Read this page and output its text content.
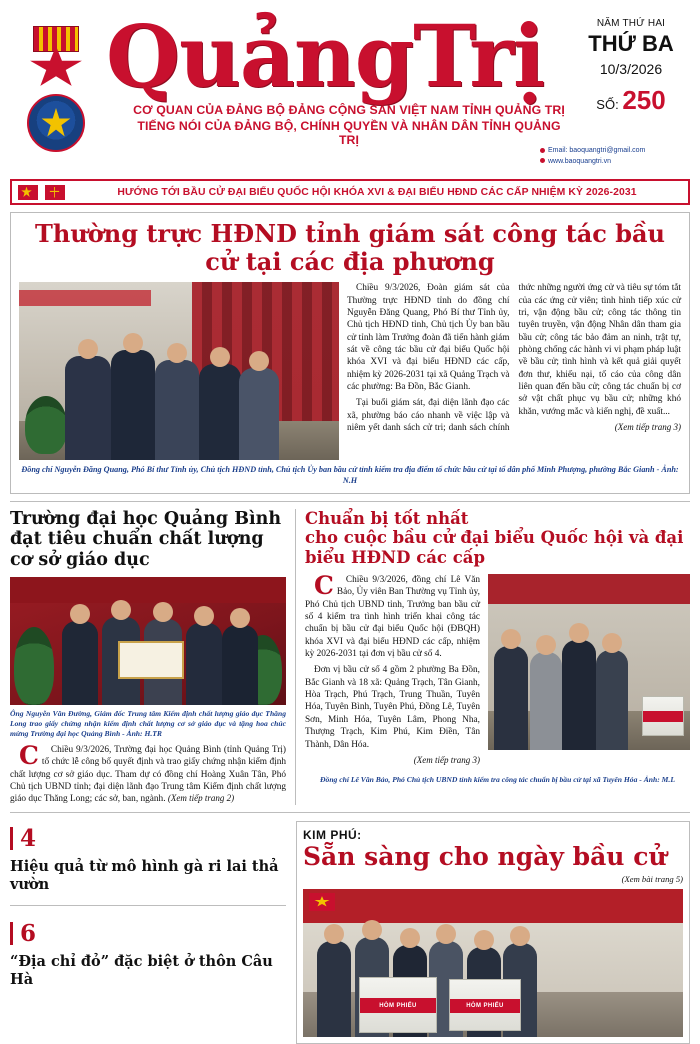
QuảngTrị
CƠ QUAN CỦA ĐẢNG BỘ ĐẢNG CỘNG SẢN VIỆT NAM TỈNH QUẢNG TRỊ
TIẾNG NÓI CỦA ĐẢNG BỘ, CHÍNH QUYỀN VÀ NHÂN DÂN TỈNH QUẢNG TRỊ
NĂM THỨ HAI
THỨ BA
10/3/2026
SỐ: 250
Email: baoquangtri@gmail.com
www.baoquangtri.vn
HƯỚNG TỚI BẦU CỬ ĐẠI BIỂU QUỐC HỘI KHÓA XVI & ĐẠI BIỂU HĐND CÁC CẤP NHIỆM KỲ 2026-2031
Thường trực HĐND tỉnh giám sát công tác bầu cử tại các địa phương

Chiều 9/3/2026, Đoàn giám sát của Thường trực HĐND tỉnh do đồng chí Nguyễn Đăng Quang, Phó Bí thư Tỉnh ủy, Chủ tịch HĐND tỉnh, Chủ tịch Ủy ban bầu cử tỉnh làm Trưởng đoàn đã tiến hành giám sát về công tác bầu cử đại biểu Quốc hội khóa XVI và đại biểu HĐND các cấp, nhiệm kỳ 2026-2031 tại xã Quảng Trạch và các phường: Ba Đồn, Bắc Gianh.

Tại buổi giám sát, đại diện lãnh đạo các xã, phường báo cáo nhanh về việc lập và niêm yết danh sách cử tri; danh sách chính thức những người ứng cử và tiêu sự tóm tắt của các ứng cử viên; tình hình tiếp xúc cử tri, vận động bầu cử; công tác thông tin tuyên truyền, vận động Nhân dân tham gia bầu cử; công tác bảo đảm an ninh, trật tự, phòng chống các hành vi vi phạm pháp luật về bầu cử; tình hình và kết quả giải quyết đơn thư, khiếu nại, tố cáo của công dân liên quan đến bầu cử; công tác chuẩn bị cơ sở vật chất phục vụ bầu cử; những khó khăn, vướng mắc và kiến nghị, đề xuất...

(Xem tiếp trang 3)

Đồng chí Nguyễn Đăng Quang, Phó Bí thư Tỉnh ủy, Chủ tịch HĐND tỉnh, Chủ tịch Ủy ban bầu cử tỉnh kiểm tra địa điểm tổ chức bầu cử tại tổ dân phố Minh Phượng, phường Bắc Gianh - Ảnh: N.H
Trường đại học Quảng Bình
đạt tiêu chuẩn chất lượng cơ sở giáo dục
Ông Nguyễn Văn Đường, Giám đốc Trung tâm Kiểm định chất lượng giáo dục Thăng Long trao giấy chứng nhận kiểm định chất lượng cơ sở giáo dục và tặng hoa chúc mừng Trường đại học Quảng Bình - Ảnh: H.TR

C	Chiều 9/3/2026, Trường đại học Quảng Bình (tỉnh Quảng Trị) tổ chức lễ công bố quyết định và trao giấy chứng nhận kiểm định chất lượng cơ sở giáo dục. Tham dự có đồng chí Hoàng Xuân Tân, Phó Chủ tịch UBND tỉnh; đại diện lãnh đạo Trung tâm Kiểm định chất lượng giáo dục Thăng Long; các sở, ban, ngành. (Xem tiếp trang 2)

Chuẩn bị tốt nhất
cho cuộc bầu cử đại biểu Quốc hội và đại biểu HĐND các cấp

C	Chiều 9/3/2026, đồng chí Lê Văn Bảo, Ủy viên Ban Thường vụ Tỉnh ủy, Phó Chủ tịch UBND tỉnh, Trưởng ban bầu cử số 4 kiểm tra tình hình triển khai công tác chuẩn bị bầu cử đại biểu Quốc hội (ĐBQH) khóa XVI và đại biểu HĐND các cấp, nhiệm kỳ 2026-2031 tại đơn vị bầu cử số 4.

Đơn vị bầu cử số 4 gồm 2 phường Ba Đồn, Bắc Gianh và 18 xã: Quảng Trạch, Tân Gianh, Hòa Trạch, Phú Trạch, Trung Thuần, Tuyên Hóa, Tuyên Bình, Tuyên Phú, Đồng Lê, Tuyên Sơn, Minh Hóa, Tuyên Lâm, Phong Nha, Thượng Trạch, Kim Phú, Kim Điền, Tân Thành, Dân Hóa.

(Xem tiếp trang 3)

Đồng chí Lê Văn Bảo, Phó Chủ tịch UBND tỉnh kiểm tra công tác chuẩn bị bầu cử tại xã Tuyên Hóa - Ảnh: M.L
4
Hiệu quả từ mô hình gà ri lai thả vườn
6
“Địa chỉ đỏ” đặc biệt ở thôn Câu Hà
KIM PHÚ:
Sẵn sàng cho ngày bầu cử
(Xem bài trang 5)
HÒM PHIẾU	HÒM PHIẾU
